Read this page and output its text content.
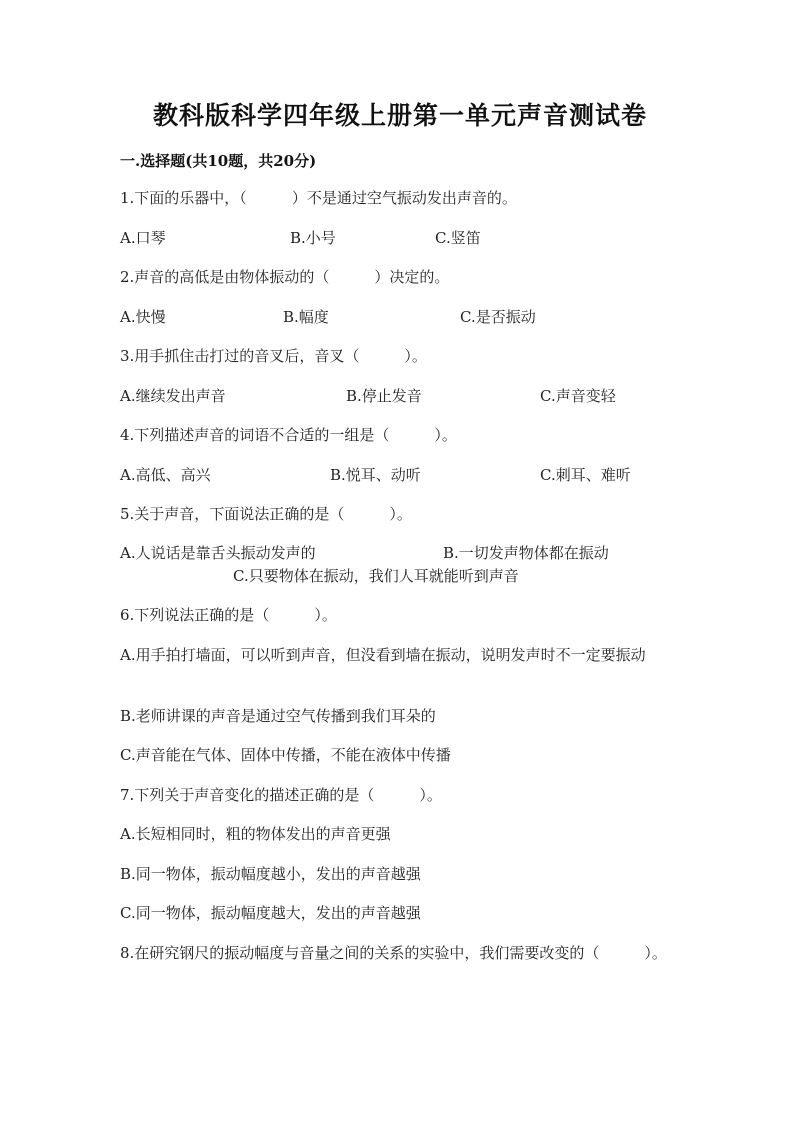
教科版科学四年级上册第一单元声音测试卷
一.选择题(共10题，共20分)
1.下面的乐器中，（　　　）不是通过空气振动发出声音的。
A.口琴	B.小号	C.竖笛
2.声音的高低是由物体振动的（　　　）决定的。
A.快慢	B.幅度	C.是否振动
3.用手抓住击打过的音叉后，音叉（　　　）。
A.继续发出声音	B.停止发音	C.声音变轻
4.下列描述声音的词语不合适的一组是（　　　）。
A.高低、高兴	B.悦耳、动听	C.刺耳、难听
5.关于声音，下面说法正确的是（　　　）。
A.人说话是靠舌头振动发声的	B.一切发声物体都在振动
C.只要物体在振动，我们人耳就能听到声音
6.下列说法正确的是（　　　）。
A.用手拍打墙面，可以听到声音，但没看到墙在振动，说明发声时不一定要振动
B.老师讲课的声音是通过空气传播到我们耳朵的
C.声音能在气体、固体中传播，不能在液体中传播
7.下列关于声音变化的描述正确的是（　　　）。
A.长短相同时，粗的物体发出的声音更强
B.同一物体，振动幅度越小，发出的声音越强
C.同一物体，振动幅度越大，发出的声音越强
8.在研究钢尺的振动幅度与音量之间的关系的实验中，我们需要改变的（　　　）。
